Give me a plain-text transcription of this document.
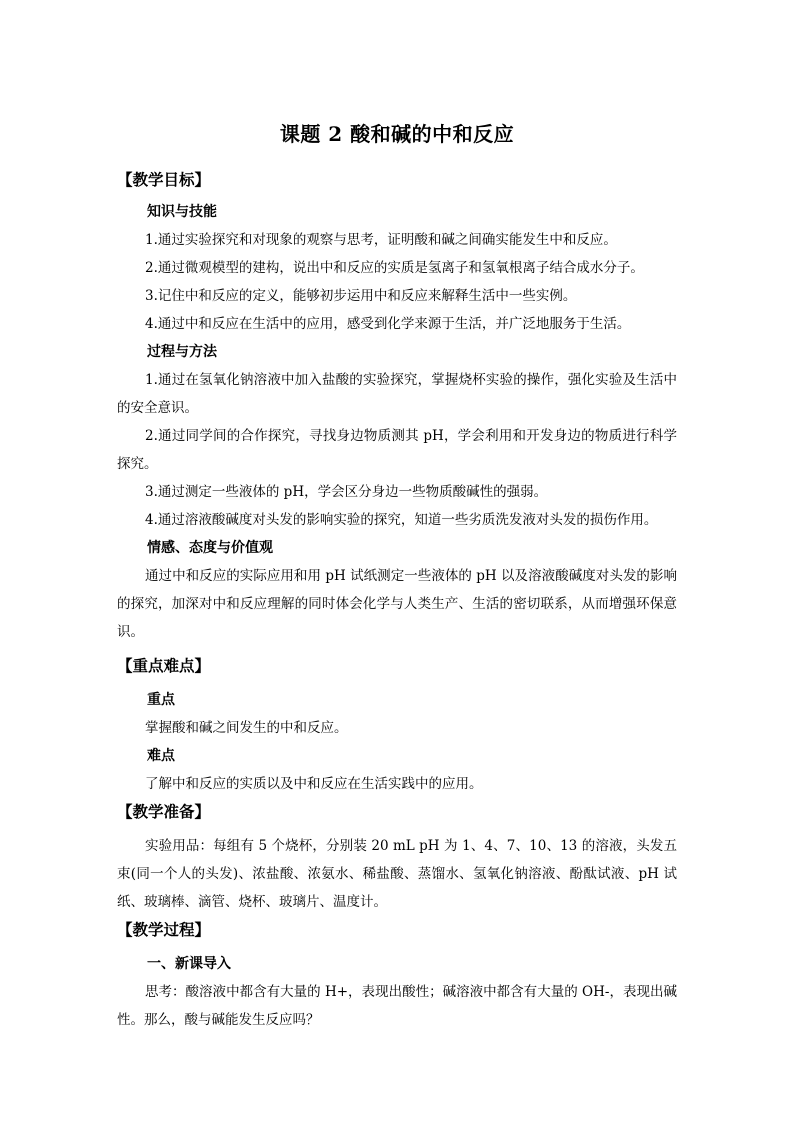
课题 2 酸和碱的中和反应
【教学目标】
知识与技能

1.通过实验探究和对现象的观察与思考，证明酸和碱之间确实能发生中和反应。

2.通过微观模型的建构，说出中和反应的实质是氢离子和氢氧根离子结合成水分子。

3.记住中和反应的定义，能够初步运用中和反应来解释生活中一些实例。

4.通过中和反应在生活中的应用，感受到化学来源于生活，并广泛地服务于生活。

过程与方法

1.通过在氢氧化钠溶液中加入盐酸的实验探究，掌握烧杯实验的操作，强化实验及生活中的安全意识。

2.通过同学间的合作探究，寻找身边物质测其 pH，学会利用和开发身边的物质进行科学探究。

3.通过测定一些液体的 pH，学会区分身边一些物质酸碱性的强弱。

4.通过溶液酸碱度对头发的影响实验的探究，知道一些劣质洗发液对头发的损伤作用。

情感、态度与价值观

通过中和反应的实际应用和用 pH 试纸测定一些液体的 pH 以及溶液酸碱度对头发的影响的探究，加深对中和反应理解的同时体会化学与人类生产、生活的密切联系，从而增强环保意识。

【重点难点】
重点

掌握酸和碱之间发生的中和反应。

难点

了解中和反应的实质以及中和反应在生活实践中的应用。

【教学准备】

实验用品：每组有 5 个烧杯，分别装 20 mL pH 为 1、4、7、10、13 的溶液，头发五束(同一个人的头发)、浓盐酸、浓氨水、稀盐酸、蒸馏水、氢氧化钠溶液、酚酞试液、pH 试纸、玻璃棒、滴管、烧杯、玻璃片、温度计。

【教学过程】
一、新课导入

思考：酸溶液中都含有大量的 H+，表现出酸性；碱溶液中都含有大量的 OH-，表现出碱性。那么，酸与碱能发生反应吗？
